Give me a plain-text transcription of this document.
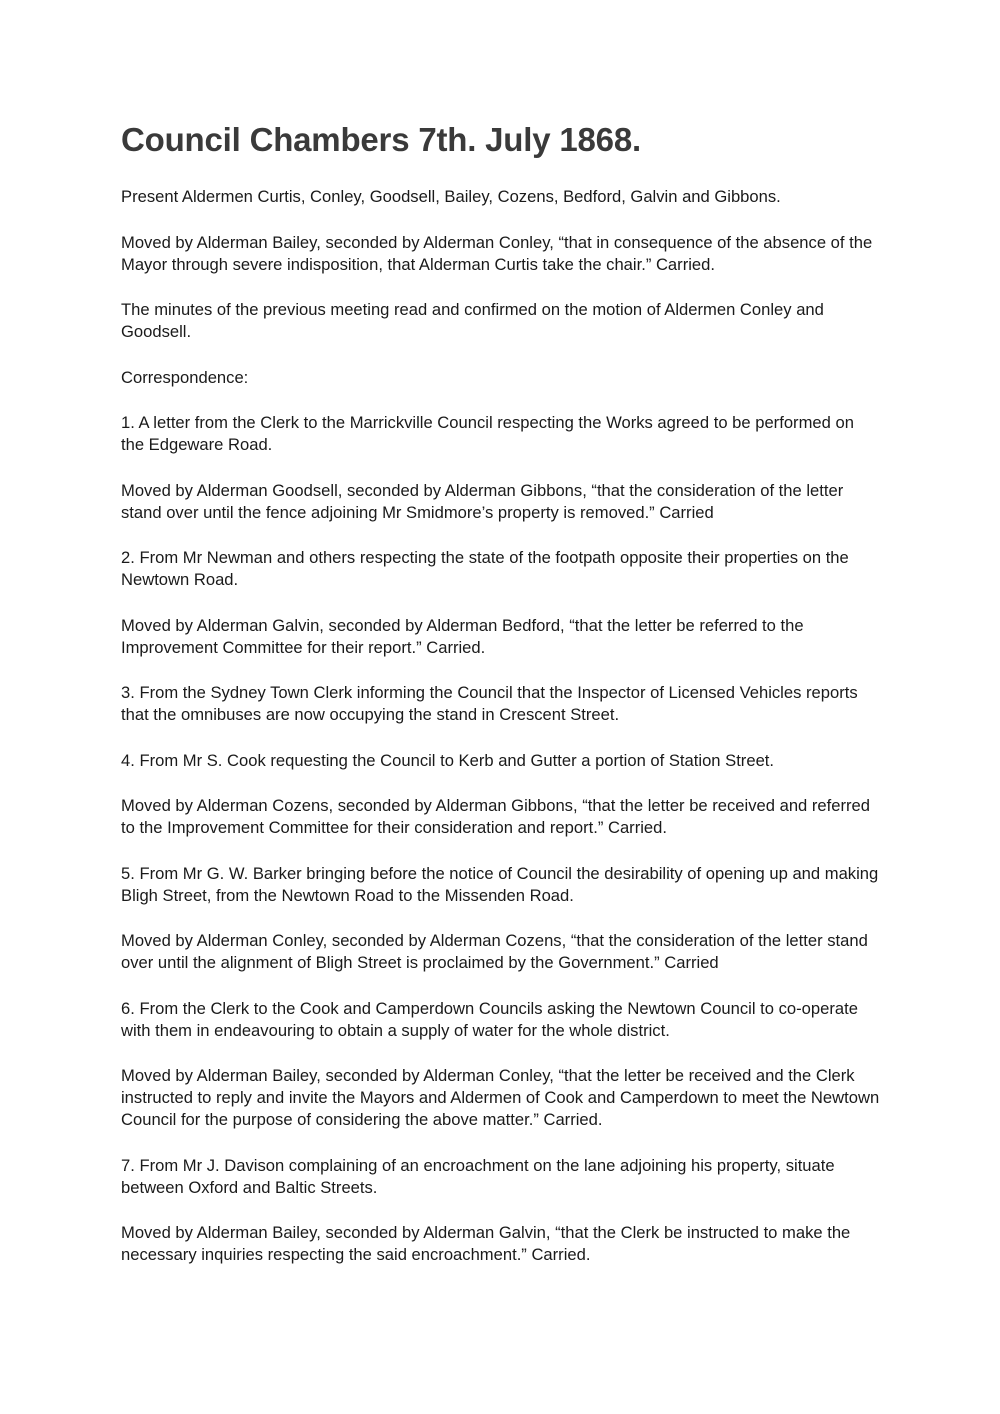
Council Chambers 7th. July 1868.

Present Aldermen Curtis, Conley, Goodsell, Bailey, Cozens, Bedford, Galvin and Gibbons.

Moved by Alderman Bailey, seconded by Alderman Conley, “that in consequence of the absence of the Mayor through severe indisposition, that Alderman Curtis take the chair.” Carried.

The minutes of the previous meeting read and confirmed on the motion of Aldermen Conley and Goodsell.

Correspondence:

1. A letter from the Clerk to the Marrickville Council respecting the Works agreed to be performed on the Edgeware Road.

Moved by Alderman Goodsell, seconded by Alderman Gibbons, “that the consideration of the letter stand over until the fence adjoining Mr Smidmore’s property is removed.” Carried

2. From Mr Newman and others respecting the state of the footpath opposite their properties on the Newtown Road.

Moved by Alderman Galvin, seconded by Alderman Bedford, “that the letter be referred to the Improvement Committee for their report.” Carried.

3. From the Sydney Town Clerk informing the Council that the Inspector of Licensed Vehicles reports that the omnibuses are now occupying the stand in Crescent Street.

4. From Mr S. Cook requesting the Council to Kerb and Gutter a portion of Station Street.

Moved by Alderman Cozens, seconded by Alderman Gibbons, “that the letter be received and referred to the Improvement Committee for their consideration and report.” Carried.

5. From Mr G. W. Barker bringing before the notice of Council the desirability of opening up and making Bligh Street, from the Newtown Road to the Missenden Road.

Moved by Alderman Conley, seconded by Alderman Cozens, “that the consideration of the letter stand over until the alignment of Bligh Street is proclaimed by the Government.” Carried

6. From the Clerk to the Cook and Camperdown Councils asking the Newtown Council to co-operate with them in endeavouring to obtain a supply of water for the whole district.

Moved by Alderman Bailey, seconded by Alderman Conley, “that the letter be received and the Clerk instructed to reply and invite the Mayors and Aldermen of Cook and Camperdown to meet the Newtown Council for the purpose of considering the above matter.” Carried.

7. From Mr J. Davison complaining of an encroachment on the lane adjoining his property, situate between Oxford and Baltic Streets.

Moved by Alderman Bailey, seconded by Alderman Galvin, “that the Clerk be instructed to make the necessary inquiries respecting the said encroachment.” Carried.
